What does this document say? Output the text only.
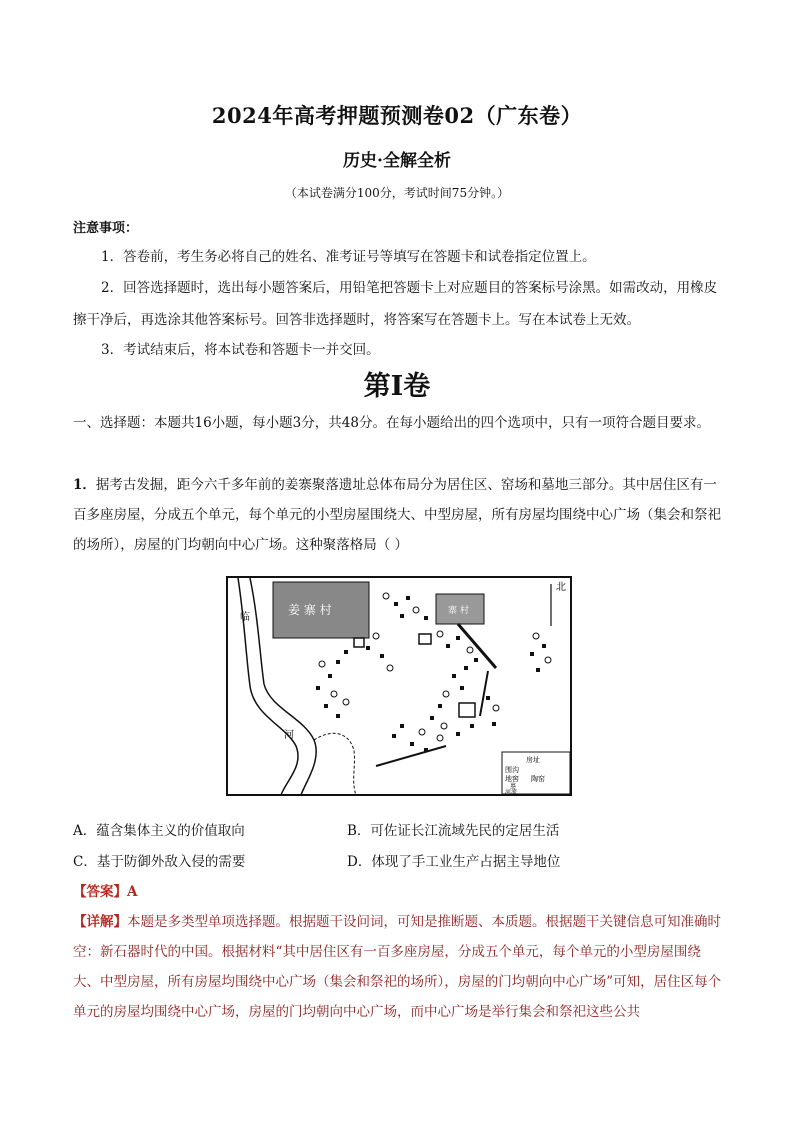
2024年高考押题预测卷02（广东卷）
历史·全解全析
（本试卷满分100分，考试时间75分钟。）
注意事项：
1．答卷前，考生务必将自己的姓名、准考证号等填写在答题卡和试卷指定位置上。
2．回答选择题时，选出每小题答案后，用铅笔把答题卡上对应题目的答案标号涂黑。如需改动，用橡皮擦干净后，再选涂其他答案标号。回答非选择题时，将答案写在答题卡上。写在本试卷上无效。
3．考试结束后，将本试卷和答题卡一并交回。
第Ⅰ卷
一、选择题：本题共16小题，每小题3分，共48分。在每小题给出的四个选项中，只有一项符合题目要求。
1．据考古发掘，距今六千多年前的姜寨聚落遗址总体布局分为居住区、窑场和墓地三部分。其中居住区有一百多座房屋，分成五个单元，每个单元的小型房屋围绕大、中型房屋，所有房屋均围绕中心广场（集会和祭祀的场所），房屋的门均朝向中心广场。这种聚落格局（ ）
临
河
姜 寨 村	寨 村
北
房址
围沟
地窖 陶窑
墓
河流
A．蕴含集体主义的价值取向	B．可佐证长江流域先民的定居生活
C．基于防御外敌入侵的需要	D．体现了手工业生产占据主导地位
【答案】A
【详解】本题是多类型单项选择题。根据题干设问词，可知是推断题、本质题。根据题干关键信息可知准确时空：新石器时代的中国。根据材料“其中居住区有一百多座房屋，分成五个单元，每个单元的小型房屋围绕大、中型房屋，所有房屋均围绕中心广场（集会和祭祀的场所），房屋的门均朝向中心广场”可知，居住区每个单元的房屋均围绕中心广场，房屋的门均朝向中心广场，而中心广场是举行集会和祭祀这些公共
